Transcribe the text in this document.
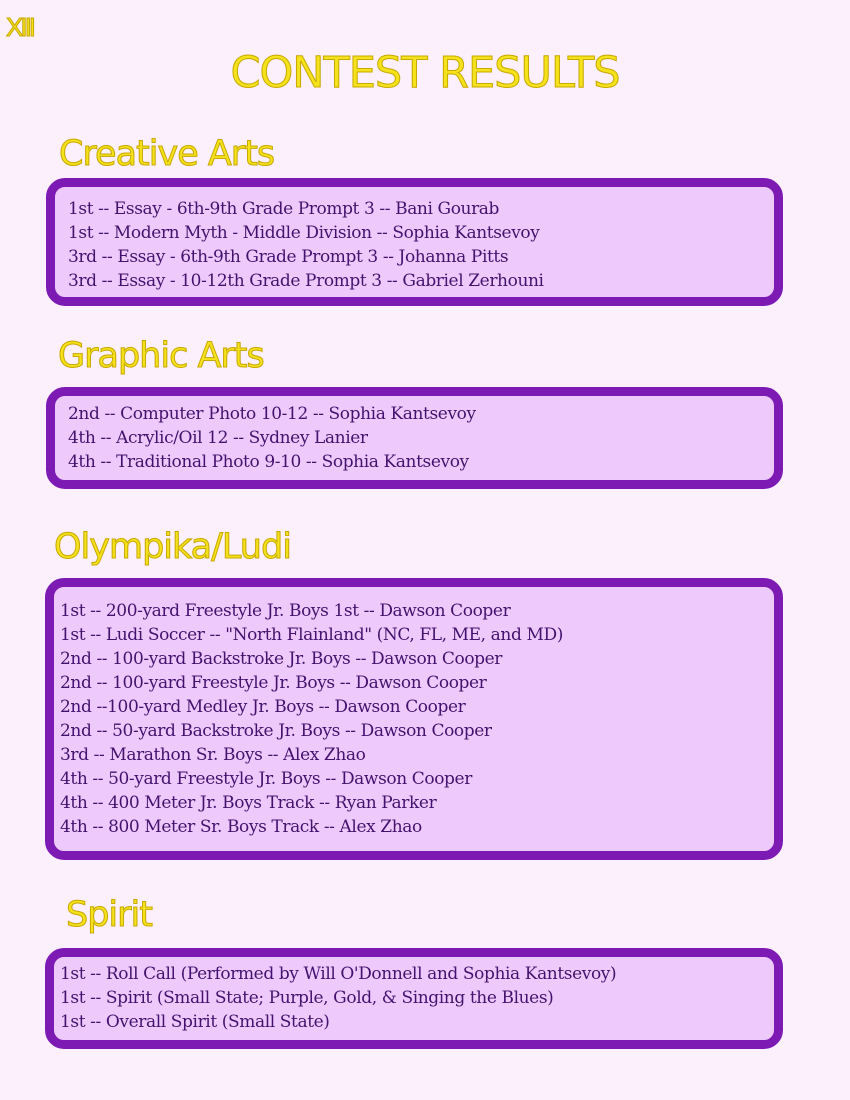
XIII
CONTEST RESULTS
Creative Arts
1st -- Essay - 6th-9th Grade Prompt 3 -- Bani Gourab
1st -- Modern Myth - Middle Division -- Sophia Kantsevoy
3rd -- Essay - 6th-9th Grade Prompt 3 -- Johanna Pitts
3rd -- Essay - 10-12th Grade Prompt 3 -- Gabriel Zerhouni
Graphic Arts
2nd -- Computer Photo 10-12 -- Sophia Kantsevoy
4th -- Acrylic/Oil 12 -- Sydney Lanier
4th -- Traditional Photo 9-10 -- Sophia Kantsevoy
Olympika/Ludi
1st -- 200-yard Freestyle Jr. Boys 1st -- Dawson Cooper
1st -- Ludi Soccer -- "North Flainland" (NC, FL, ME, and MD)
2nd -- 100-yard Backstroke Jr. Boys -- Dawson Cooper
2nd -- 100-yard Freestyle Jr. Boys -- Dawson Cooper
2nd --100-yard Medley Jr. Boys -- Dawson Cooper
2nd -- 50-yard Backstroke Jr. Boys -- Dawson Cooper
3rd -- Marathon Sr. Boys -- Alex Zhao
4th -- 50-yard Freestyle Jr. Boys -- Dawson Cooper
4th -- 400 Meter Jr. Boys Track -- Ryan Parker
4th -- 800 Meter Sr. Boys Track -- Alex Zhao
Spirit
1st -- Roll Call (Performed by Will O'Donnell and Sophia Kantsevoy)
1st -- Spirit (Small State; Purple, Gold, & Singing the Blues)
1st -- Overall Spirit (Small State)
